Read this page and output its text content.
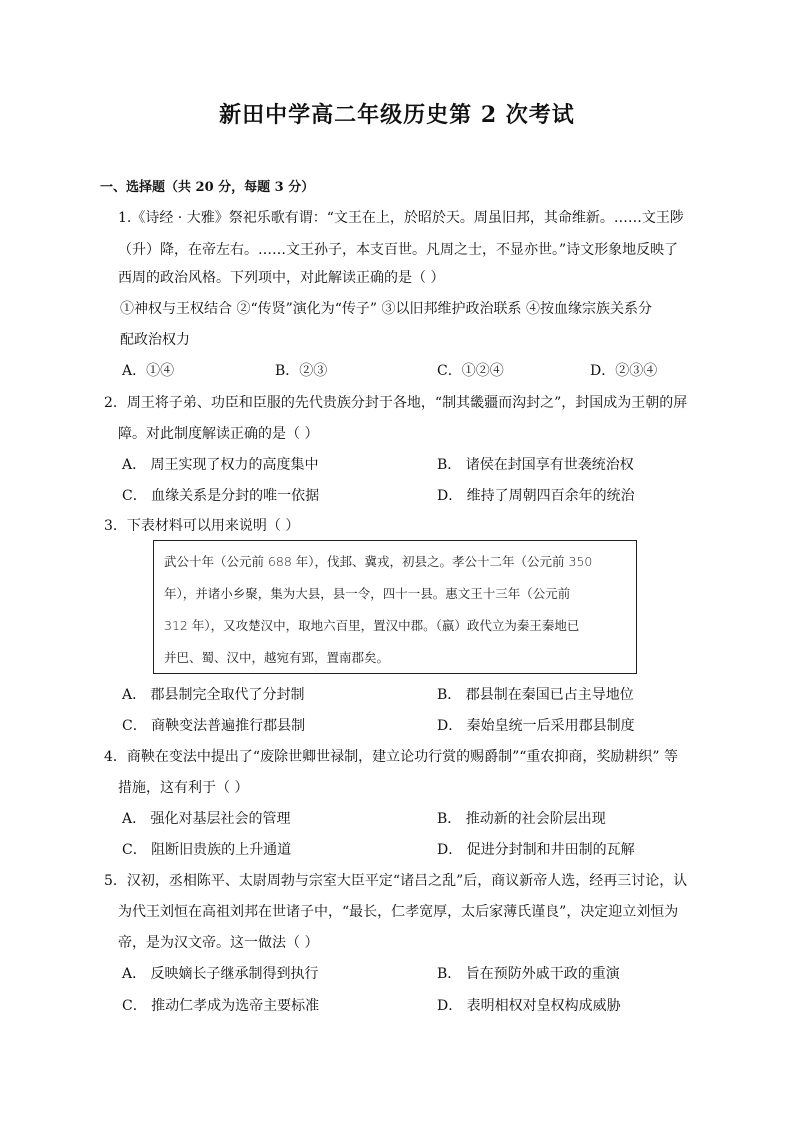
新田中学高二年级历史第 2 次考试
一、选择题（共 20 分，每题 3 分）
1.《诗经 · 大雅》祭祀乐歌有谓：“文王在上，於昭於天。周虽旧邦，其命维新。……文王陟
（升）降，在帝左右。……文王孙子，本支百世。凡周之士，不显亦世。”诗文形象地反映了
西周的政治风格。下列项中，对此解读正确的是（ ）
①神权与王权结合 ②“传贤”演化为“传子” ③以旧邦维护政治联系 ④按血缘宗族关系分
配政治权力
A．①④	B．②③	C．①②④	D．②③④
2．周王将子弟、功臣和臣服的先代贵族分封于各地，“制其畿疆而沟封之”，封国成为王朝的屏
障。对此制度解读正确的是（ ）
A． 周王实现了权力的高度集中	B． 诸侯在封国享有世袭统治权
C． 血缘关系是分封的唯一依据	D． 维持了周朝四百余年的统治
3．下表材料可以用来说明（ ）
武公十年（公元前 688 年），伐邽、冀戎，初县之。孝公十二年（公元前 350
年），并诸小乡聚，集为大县，县一令，四十一县。惠文王十三年（公元前
312 年），又攻楚汉中，取地六百里，置汉中郡。（嬴）政代立为秦王秦地已
并巴、蜀、汉中，越宛有郢，置南郡矣。
A． 郡县制完全取代了分封制	B． 郡县制在秦国已占主导地位
C． 商鞅变法普遍推行郡县制	D． 秦始皇统一后采用郡县制度
4．商鞅在变法中提出了“废除世卿世禄制，建立论功行赏的赐爵制”“重农抑商，奖励耕织” 等
措施，这有利于（ ）
A． 强化对基层社会的管理	B． 推动新的社会阶层出现
C． 阻断旧贵族的上升通道	D． 促进分封制和井田制的瓦解
5．汉初，丞相陈平、太尉周勃与宗室大臣平定“诸吕之乱”后，商议新帝人选，经再三讨论，认
为代王刘恒在高祖刘邦在世诸子中，“最长，仁孝宽厚，太后家薄氏谨良”，决定迎立刘恒为
帝，是为汉文帝。这一做法（ ）
A． 反映嫡长子继承制得到执行	B． 旨在预防外戚干政的重演
C． 推动仁孝成为选帝主要标准	D． 表明相权对皇权构成威胁
